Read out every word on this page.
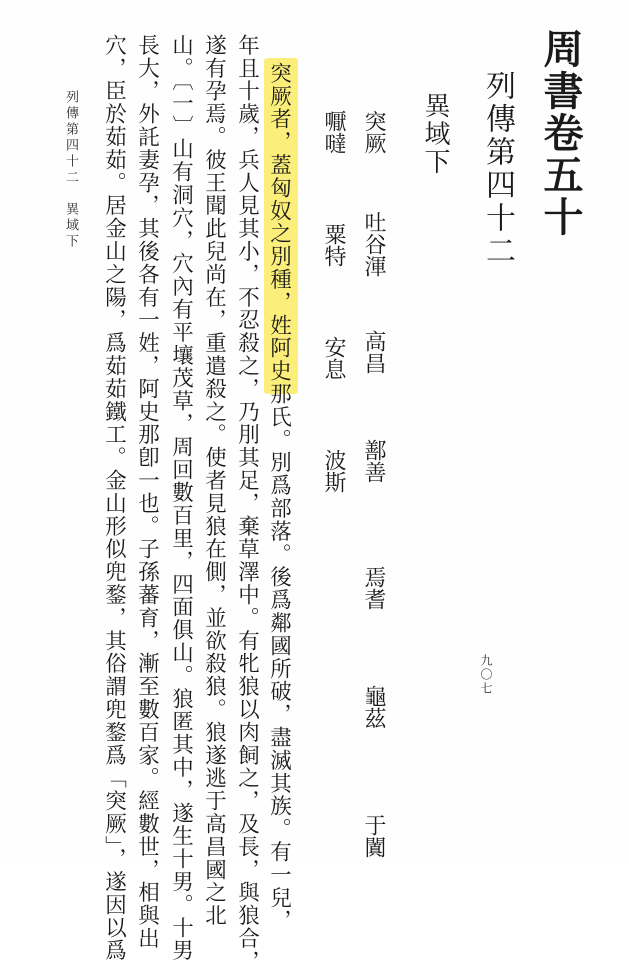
周書卷五十
列傳第四十二
異域下
突厥 吐谷渾 高昌 鄯善 焉耆 龜茲 于闐
嚈噠 粟特 安息 波斯
突厥者，蓋匈奴之別種，姓阿史那氏。別爲部落。後爲鄰國所破，盡滅其族。有一兒，
年且十歲，兵人見其小，不忍殺之，乃刖其足，棄草澤中。有牝狼以肉飼之，及長，與狼合，
遂有孕焉。彼王聞此兒尚在，重遣殺之。使者見狼在側，並欲殺狼。狼遂逃于高昌國之北
山。〔一〕山有洞穴，穴內有平壤茂草，周回數百里，四面俱山。狼匿其中，遂生十男。十男
長大，外託妻孕，其後各有一姓，阿史那卽一也。子孫蕃育，漸至數百家。經數世，相與出
穴，臣於茹茹。居金山之陽，爲茹茹鐵工。金山形似兜鍪，其俗謂兜鍪爲「突厥」，遂因以爲
列傳第四十二　異域下
九〇七
